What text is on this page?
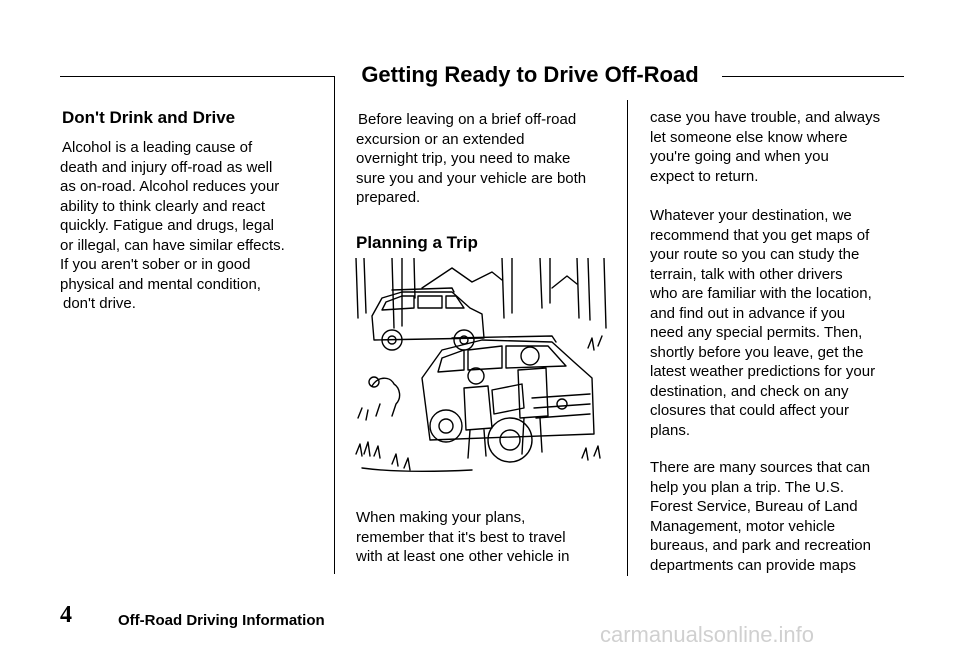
Getting Ready to Drive Off-Road
Don't Drink and Drive
Alcohol is a leading cause of
death and injury off-road as well
as on-road. Alcohol reduces your
ability to think clearly and react
quickly. Fatigue and drugs, legal
or illegal, can have similar effects.
If you aren't sober or in good
physical and mental condition,
don't drive.
Before leaving on a brief off-road
excursion or an extended
overnight trip, you need to make
sure you and your vehicle are both
prepared.
Planning a Trip
When making your plans,
remember that it's best to travel
with at least one other vehicle in
case you have trouble, and always
let someone else know where
you're going and when you
expect to return.
Whatever your destination, we
recommend that you get maps of
your route so you can study the
terrain, talk with other drivers
who are familiar with the location,
and find out in advance if you
need any special permits. Then,
shortly before you leave, get the
latest weather predictions for your
destination, and check on any
closures that could affect your
plans.
There are many sources that can
help you plan a trip. The U.S.
Forest Service, Bureau of Land
Management, motor vehicle
bureaus, and park and recreation
departments can provide maps
4	Off-Road Driving Information
carmanualsonline.info
